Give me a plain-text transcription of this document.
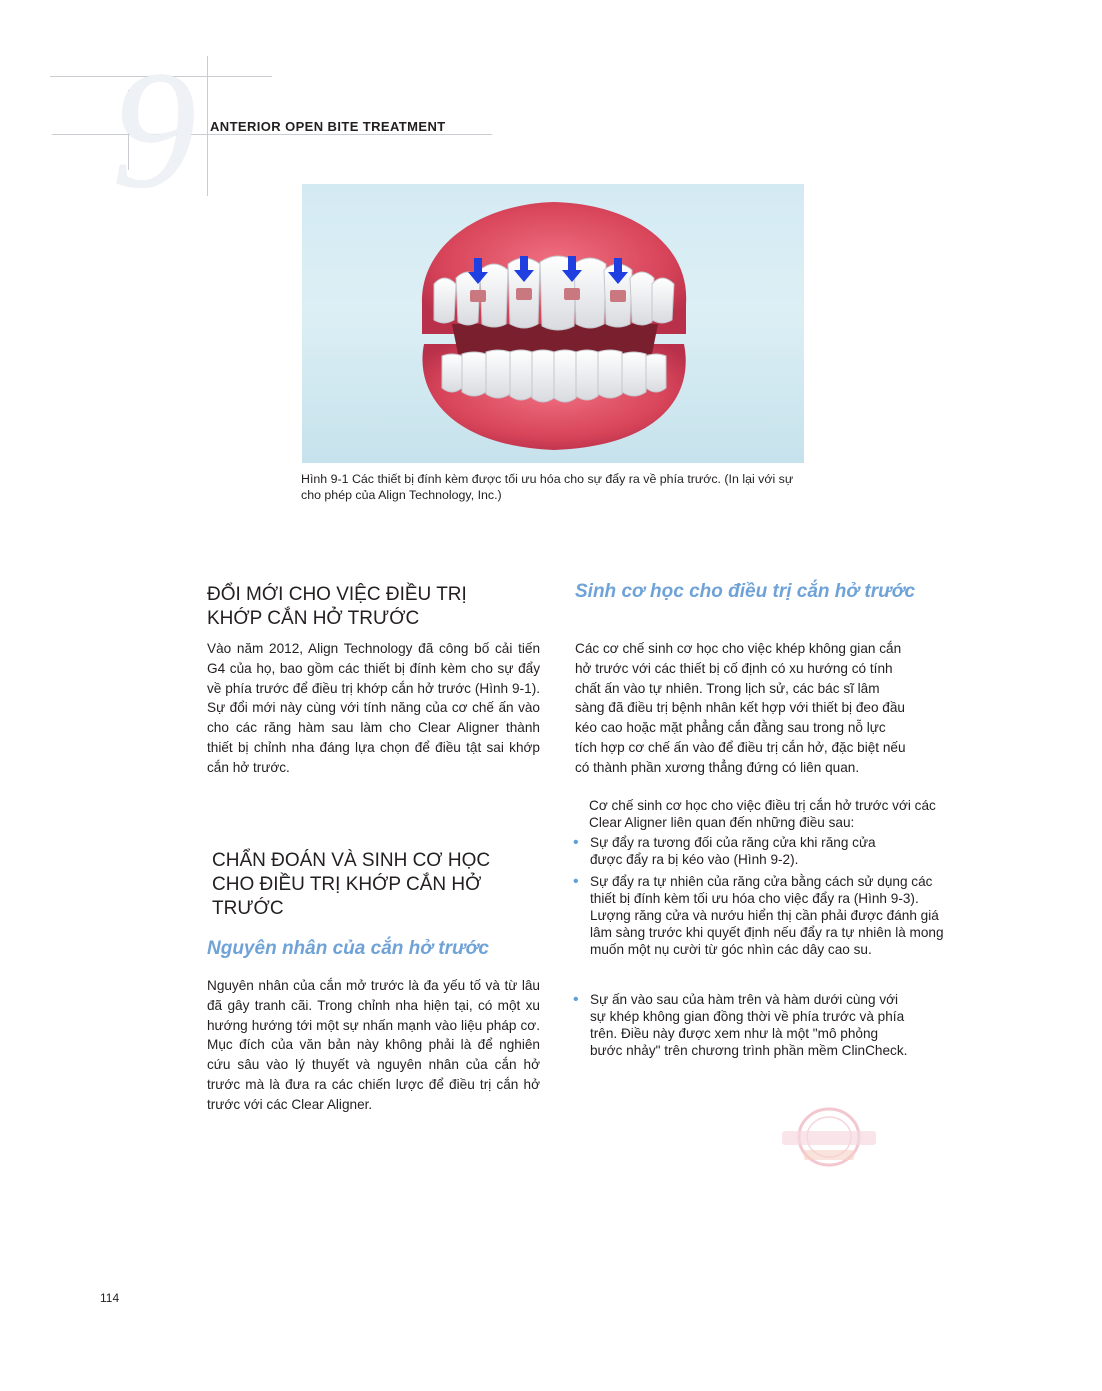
9 ANTERIOR OPEN BITE TREATMENT
Hình 9-1 Các thiết bị đính kèm được tối ưu hóa cho sự đẩy ra về phía trước. (In lại với sự cho phép của Align Technology, Inc.)
ĐỔI MỚI CHO VIỆC ĐIỀU TRỊ KHỚP CẮN HỞ TRƯỚC

Vào năm 2012, Align Technology đã công bố cải tiến G4 của họ, bao gồm các thiết bị đính kèm cho sự đẩy về phía trước để điều trị khớp cắn hở trước (Hình 9-1). Sự đổi mới này cùng với tính năng của cơ chế ấn vào cho các răng hàm sau làm cho Clear Aligner thành thiết bị chỉnh nha đáng lựa chọn để điều tật sai khớp cắn hở trước.

CHẨN ĐOÁN VÀ SINH CƠ HỌC CHO ĐIỀU TRỊ KHỚP CẮN HỞ TRƯỚC
Nguyên nhân của cắn hở trước

Nguyên nhân của cắn mở trước là đa yếu tố và từ lâu đã gây tranh cãi. Trong chỉnh nha hiện tại, có một xu hướng hướng tới một sự nhấn mạnh vào liệu pháp cơ. Mục đích của văn bản này không phải là để nghiên cứu sâu vào lý thuyết và nguyên nhân của cắn hở trước mà là đưa ra các chiến lược để điều trị cắn hở trước với các Clear Aligner.

Sinh cơ học cho điều trị cắn hở trước

Các cơ chế sinh cơ học cho việc khép không gian cắn hở trước với các thiết bị cố định có xu hướng có tính chất ấn vào tự nhiên. Trong lịch sử, các bác sĩ lâm sàng đã điều trị bệnh nhân kết hợp với thiết bị đeo đầu kéo cao hoặc mặt phẳng cắn đằng sau trong nỗ lực tích hợp cơ chế ấn vào để điều trị cắn hở, đặc biệt nếu có thành phần xương thẳng đứng có liên quan.

Cơ chế sinh cơ học cho việc điều trị cắn hở trước với các Clear Aligner liên quan đến những điều sau:

• Sự đẩy ra tương đối của răng cửa khi răng cửa được đẩy ra bị kéo vào (Hình 9-2).
• Sự đẩy ra tự nhiên của răng cửa bằng cách sử dụng các thiết bị đính kèm tối ưu hóa cho việc đẩy ra (Hình 9-3). Lượng răng cửa và nướu hiển thị cần phải được đánh giá lâm sàng trước khi quyết định nếu đẩy ra tự nhiên là mong muốn một nụ cười từ góc nhìn các dây cao su.
• Sự ấn vào sau của hàm trên và hàm dưới cùng với sự khép không gian đồng thời về phía trước và phía trên. Điều này được xem như là một "mô phỏng bước nhảy" trên chương trình phần mềm ClinCheck.
114
